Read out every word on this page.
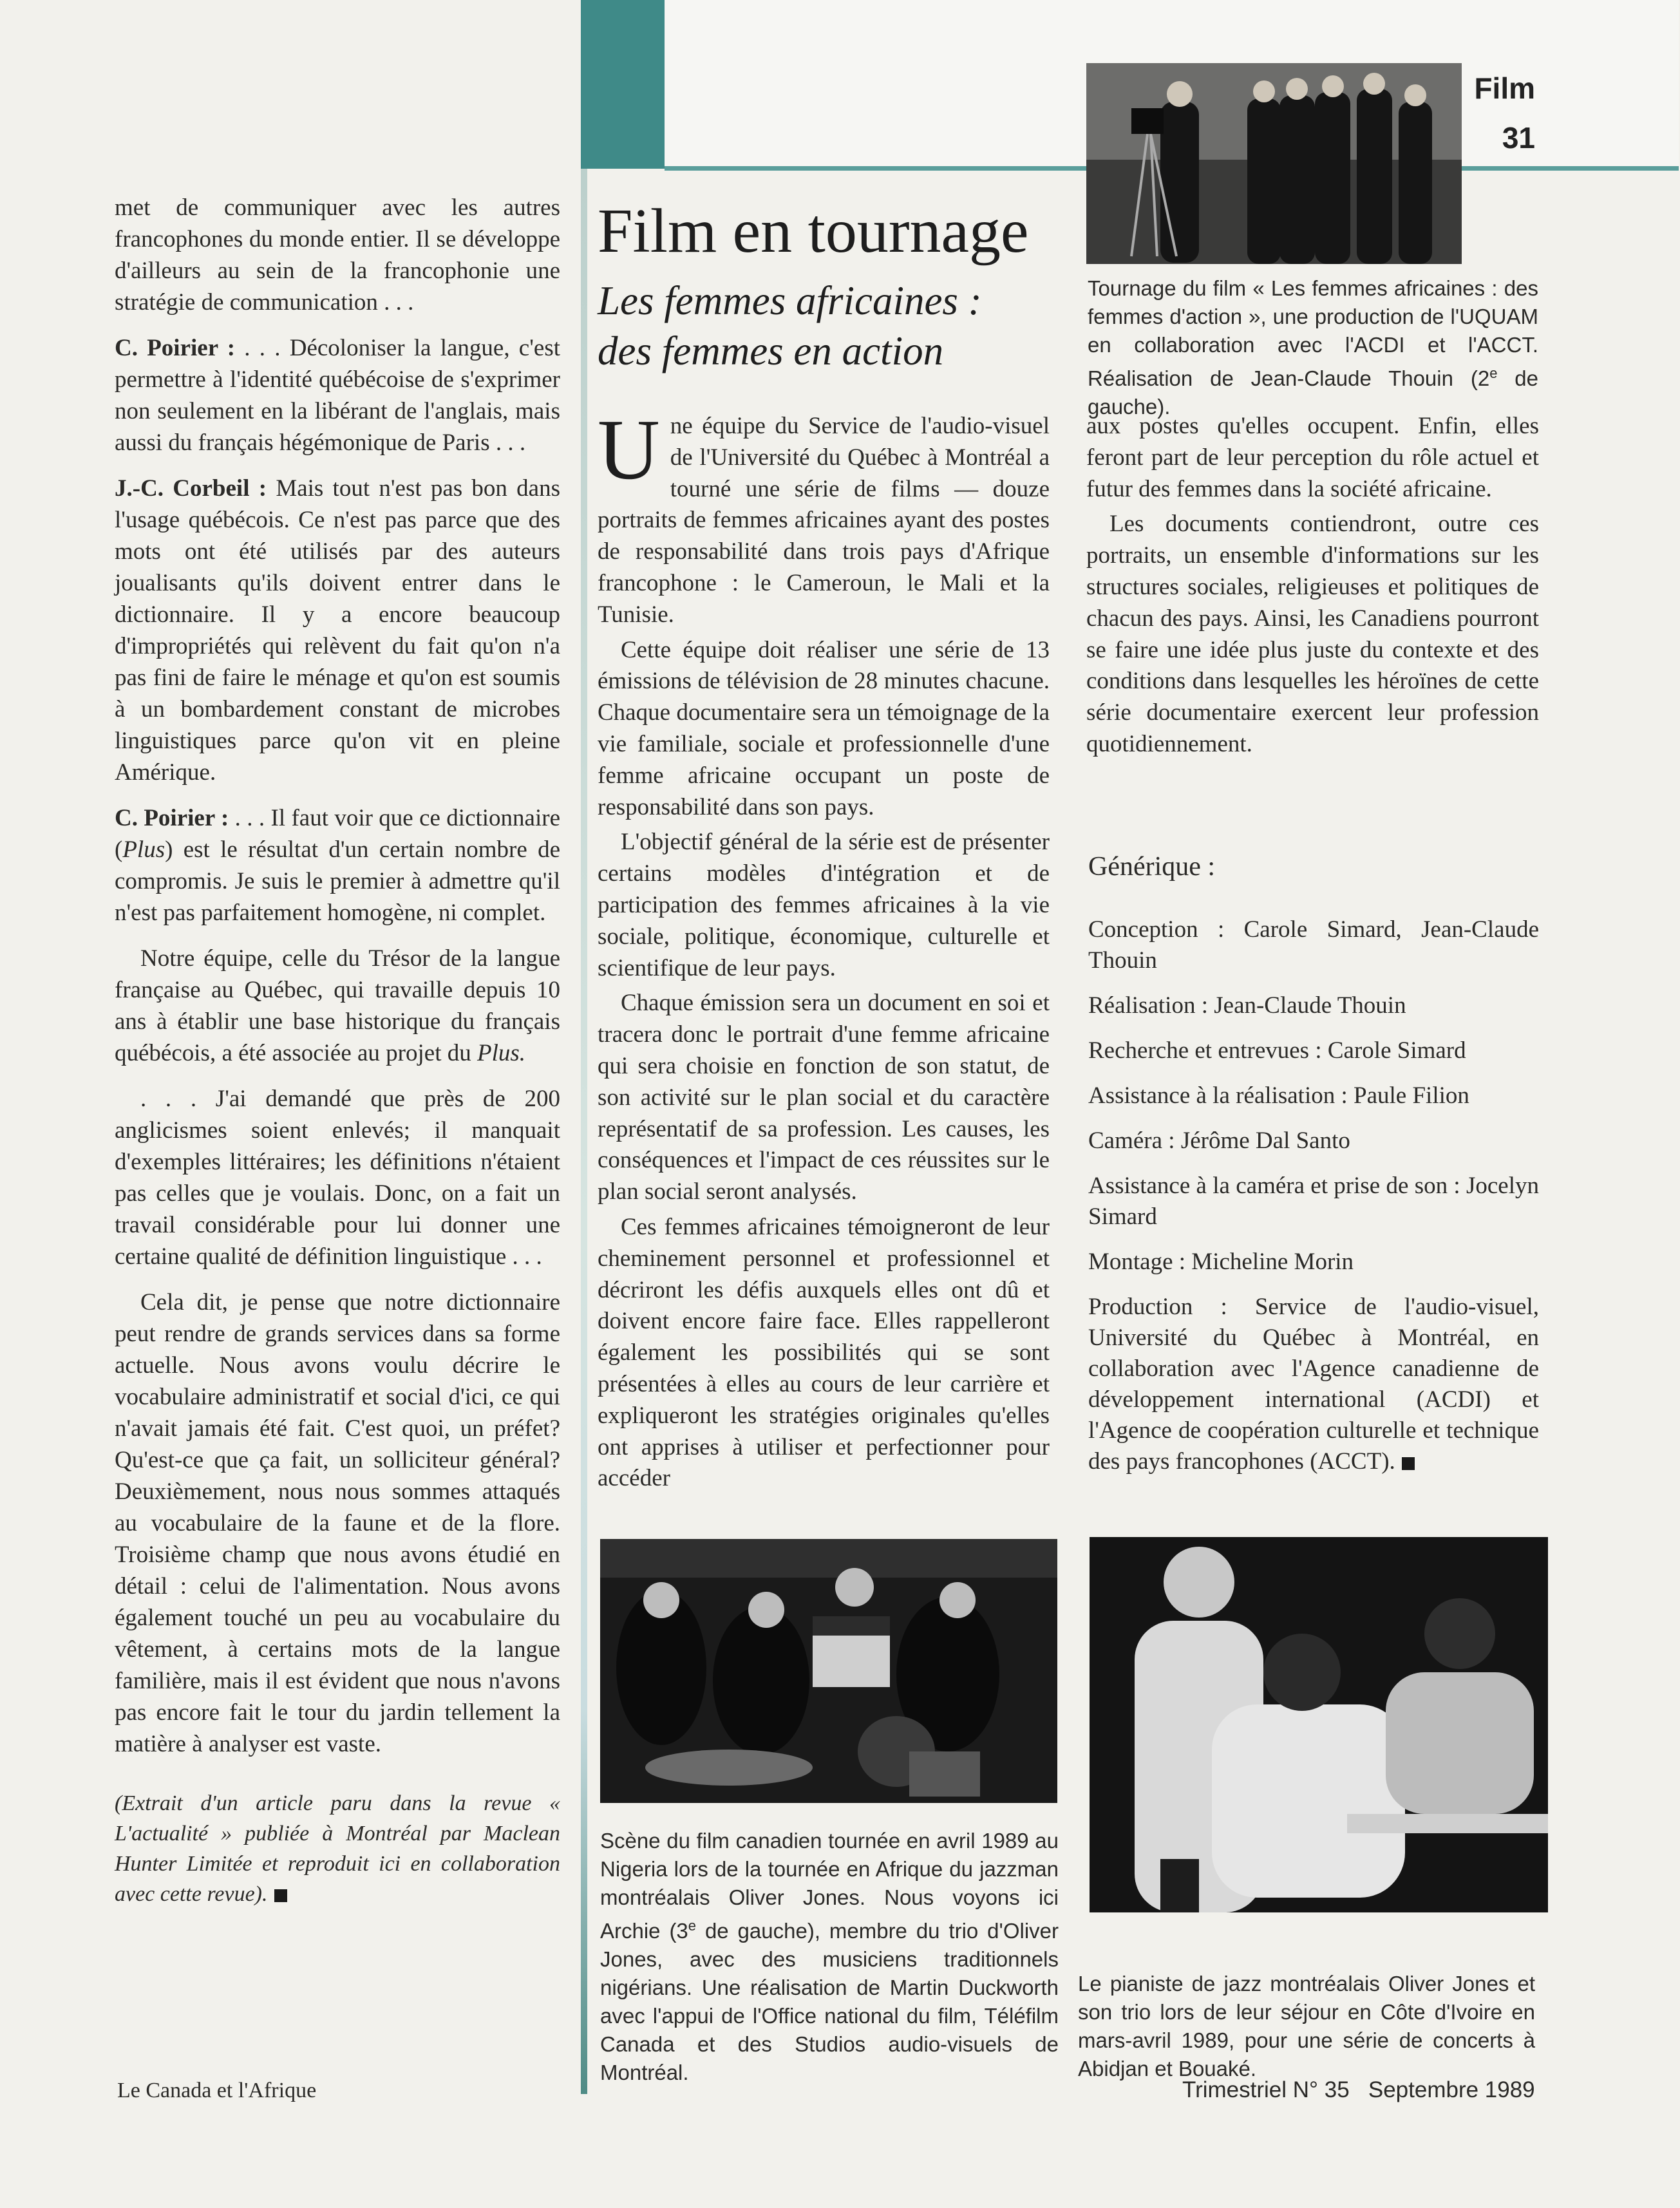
Film
31
Tournage du film « Les femmes africaines : des femmes d'action », une production de l'UQUAM en collaboration avec l'ACDI et l'ACCT. Réalisation de Jean-Claude Thouin (2e de gauche).

met de communiquer avec les autres francophones du monde entier. Il se développe d'ailleurs au sein de la francophonie une stratégie de communication . . .

C. Poirier : . . . Décoloniser la langue, c'est permettre à l'identité québécoise de s'exprimer non seulement en la libérant de l'anglais, mais aussi du français hégémonique de Paris . . .

J.-C. Corbeil : Mais tout n'est pas bon dans l'usage québécois. Ce n'est pas parce que des mots ont été utilisés par des auteurs joualisants qu'ils doivent entrer dans le dictionnaire. Il y a encore beaucoup d'impropriétés qui relèvent du fait qu'on n'a pas fini de faire le ménage et qu'on est soumis à un bombardement constant de microbes linguistiques parce qu'on vit en pleine Amérique.

C. Poirier : . . . Il faut voir que ce dictionnaire (Plus) est le résultat d'un certain nombre de compromis. Je suis le premier à admettre qu'il n'est pas parfaitement homogène, ni complet.

Notre équipe, celle du Trésor de la langue française au Québec, qui travaille depuis 10 ans à établir une base historique du français québécois, a été associée au projet du Plus.

. . . J'ai demandé que près de 200 anglicismes soient enlevés; il manquait d'exemples littéraires; les définitions n'étaient pas celles que je voulais. Donc, on a fait un travail considérable pour lui donner une certaine qualité de définition linguistique . . .

Cela dit, je pense que notre dictionnaire peut rendre de grands services dans sa forme actuelle. Nous avons voulu décrire le vocabulaire administratif et social d'ici, ce qui n'avait jamais été fait. C'est quoi, un préfet? Qu'est-ce que ça fait, un solliciteur général? Deuxièmement, nous nous sommes attaqués au vocabulaire de la faune et de la flore. Troisième champ que nous avons étudié en détail : celui de l'alimentation. Nous avons également touché un peu au vocabulaire du vêtement, à certains mots de la langue familière, mais il est évident que nous n'avons pas encore fait le tour du jardin tellement la matière à analyser est vaste.

(Extrait d'un article paru dans la revue « L'actualité » publiée à Montréal par Maclean Hunter Limitée et reproduit ici en collaboration avec cette revue).
Film en tournage
Les femmes africaines :
des femmes en action

Une équipe du Service de l'audio-visuel de l'Université du Québec à Montréal a tourné une série de films — douze portraits de femmes africaines ayant des postes de responsabilité dans trois pays d'Afrique francophone : le Cameroun, le Mali et la Tunisie.

Cette équipe doit réaliser une série de 13 émissions de télévision de 28 minutes chacune. Chaque documentaire sera un témoignage de la vie familiale, sociale et professionnelle d'une femme africaine occupant un poste de responsabilité dans son pays.

L'objectif général de la série est de présenter certains modèles d'intégration et de participation des femmes africaines à la vie sociale, politique, économique, culturelle et scientifique de leur pays.

Chaque émission sera un document en soi et tracera donc le portrait d'une femme africaine qui sera choisie en fonction de son statut, de son activité sur le plan social et du caractère représentatif de sa profession. Les causes, les conséquences et l'impact de ces réussites sur le plan social seront analysés.

Ces femmes africaines témoigneront de leur cheminement personnel et professionnel et décriront les défis auxquels elles ont dû et doivent encore faire face. Elles rappelleront également les possibilités qui se sont présentées à elles au cours de leur carrière et expliqueront les stratégies originales qu'elles ont apprises à utiliser et perfectionner pour accéder

aux postes qu'elles occupent. Enfin, elles feront part de leur perception du rôle actuel et futur des femmes dans la société africaine.

Les documents contiendront, outre ces portraits, un ensemble d'informations sur les structures sociales, religieuses et politiques de chacun des pays. Ainsi, les Canadiens pourront se faire une idée plus juste du contexte et des conditions dans lesquelles les héroïnes de cette série documentaire exercent leur profession quotidiennement.

Générique :

Conception : Carole Simard, Jean-Claude Thouin

Réalisation : Jean-Claude Thouin

Recherche et entrevues : Carole Simard

Assistance à la réalisation : Paule Filion

Caméra : Jérôme Dal Santo

Assistance à la caméra et prise de son : Jocelyn Simard

Montage : Micheline Morin

Production : Service de l'audio-visuel, Université du Québec à Montréal, en collaboration avec l'Agence canadienne de développement international (ACDI) et l'Agence de coopération culturelle et technique des pays francophones (ACCT).

Scène du film canadien tournée en avril 1989 au Nigeria lors de la tournée en Afrique du jazzman montréalais Oliver Jones. Nous voyons ici Archie (3e de gauche), membre du trio d'Oliver Jones, avec des musiciens traditionnels nigérians. Une réalisation de Martin Duckworth avec l'appui de l'Office national du film, Téléfilm Canada et des Studios audio-visuels de Montréal.
Le pianiste de jazz montréalais Oliver Jones et son trio lors de leur séjour en Côte d'Ivoire en mars-avril 1989, pour une série de concerts à Abidjan et Bouaké.
Le Canada et l'Afrique	Trimestriel N° 35   Septembre 1989
